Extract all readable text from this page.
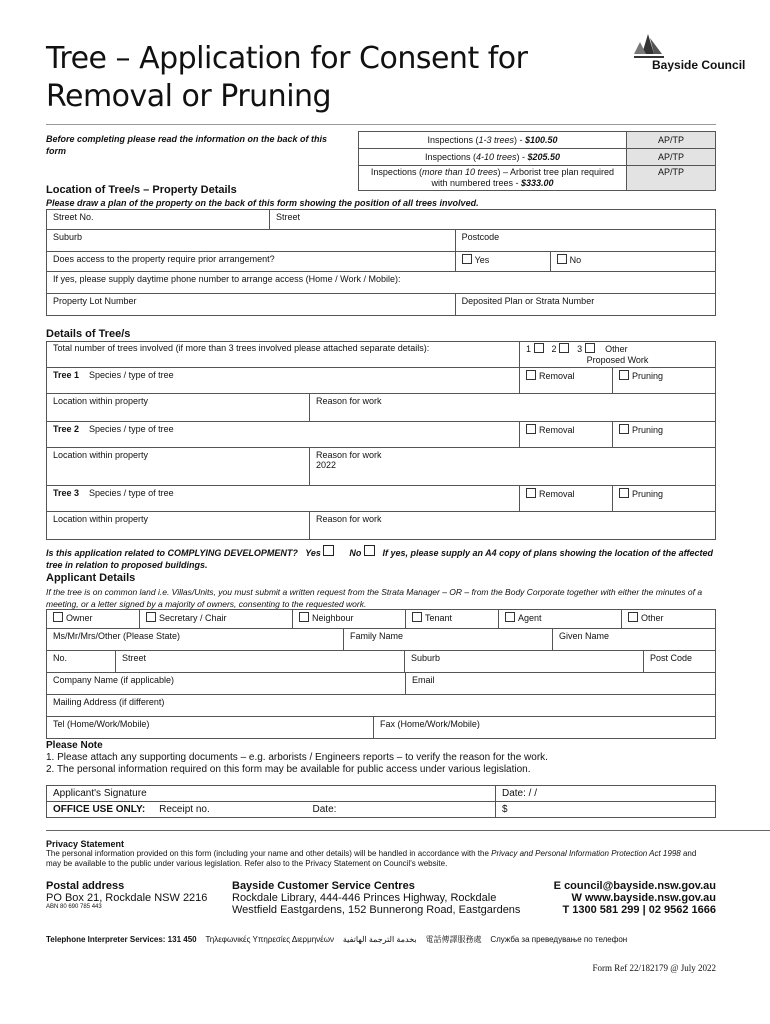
Tree – Application for Consent for
Removal or Pruning
Bayside Council
Before completing please read the information on the back of this form
Inspections (1-3 trees) - $100.50	AP/TP
Inspections (4-10 trees) - $205.50	AP/TP
Inspections (more than 10 trees) – Arborist tree plan required with numbered trees - $333.00	AP/TP
Location of Tree/s – Property Details
Please draw a plan of the property on the back of this form showing the position of all trees involved.
Street No.	Street		
Suburb		Postcode	
Does access to the property require prior arrangement?		Yes	No
If yes, please supply daytime phone number to arrange access (Home / Work / Mobile):			
Property Lot Number		Deposited Plan or Strata Number	
Details of Tree/s
Total number of trees involved (if more than 3 trees involved please attached separate details):		1 2 3 Other

Proposed Work	

Tree 1 Species / type of tree		Removal	Pruning
Location within property	Reason for work		
Tree 2 Species / type of tree		Removal	Pruning
Location within property	Reason for work
2022		
Tree 3 Species / type of tree		Removal	Pruning
Location within property	Reason for work		
Is this application related to COMPLYING DEVELOPMENT? Yes	No If yes, please supply an A4 copy of plans showing the location of the affected tree in relation to proposed buildings.
Applicant Details
If the tree is on common land i.e. Villas/Units, you must submit a written request from the Strata Manager – OR – from the Body Corporate together with either the minutes of a meeting, or a letter signed by a majority of owners, consenting to the requested work.
Owner	Secretary / Chair	Neighbour	Tenant	Agent	Other
Ms/Mr/Mrs/Other (Please State)	Family Name	Given Name
No.	Street	Suburb	Post Code
Company Name (if applicable)	Email
Mailing Address (if different)
Tel (Home/Work/Mobile)	Fax (Home/Work/Mobile)
Please Note
1. Please attach any supporting documents – e.g. arborists / Engineers reports – to verify the reason for the work.
2. The personal information required on this form may be available for public access under various legislation.
Applicant's Signature	Date: / /
OFFICE USE ONLY: Receipt no. Date:	$
Privacy Statement
The personal information provided on this form (including your name and other details) will be handled in accordance with the Privacy and Personal Information Protection Act 1998 and may be available to the public under various legislation. Refer also to the Privacy Statement on Council's website.
Postal address
PO Box 21, Rockdale NSW 2216
ABN 80 690 785 443
Bayside Customer Service Centres
Rockdale Library, 444-446 Princes Highway, Rockdale
Westfield Eastgardens, 152 Bunnerong Road, Eastgardens
E council@bayside.nsw.gov.au
W www.bayside.nsw.gov.au
T 1300 581 299 | 02 9562 1666
Telephone Interpreter Services: 131 450 Τηλεφωνικές Υπηρεσίες Διερμηνέων بخدمة الترجمة الهاتفية 電話傳譯服務處 Служба за преведување по телефон
Form Ref 22/182179 @ July 2022
